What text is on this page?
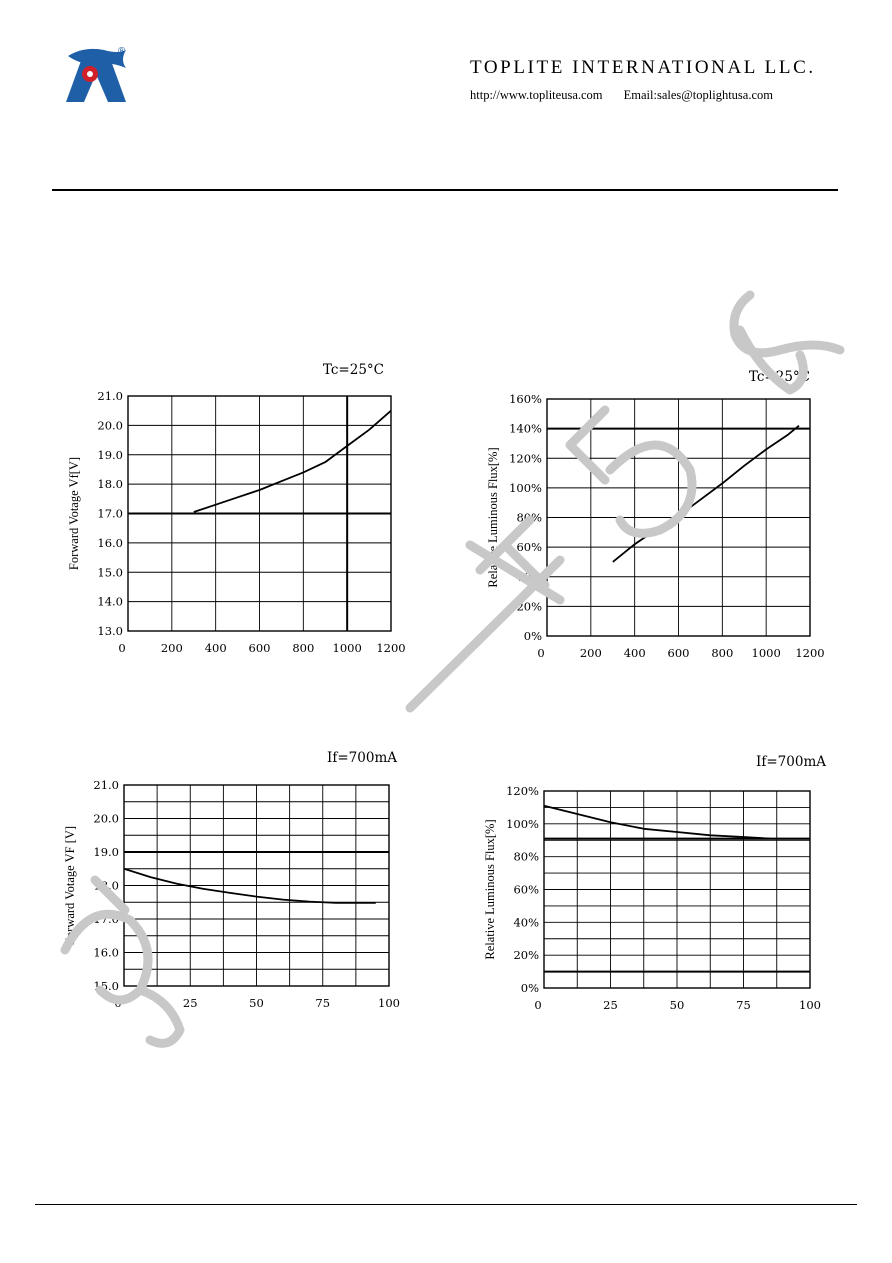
®
TOPLITE INTERNATIONAL LLC.
http://www.topliteusa.com Email:sales@toplightusa.com
13.0
14.0
15.0
16.0
17.0
18.0
19.0
20.0
21.0
0	200 400 600 800 1000 1200
Forward Votage Vf[V]
Tc=25°C
0%
20%
40%
60%
80%
100%
120%
140%
160%
0	200 400 600 800 1000 1200
Relative Luminous Flux[%]
Tc=25°C
15.0
16.0
17.0
18.0
19.0
20.0
21.0
0	25	50	75	100
Forward Votage VF [V]
If=700mA
0%
20%
40%
60%
80%
100%
120%
0	25	50	75	100
Relative Luminous Flux[%]
If=700mA
